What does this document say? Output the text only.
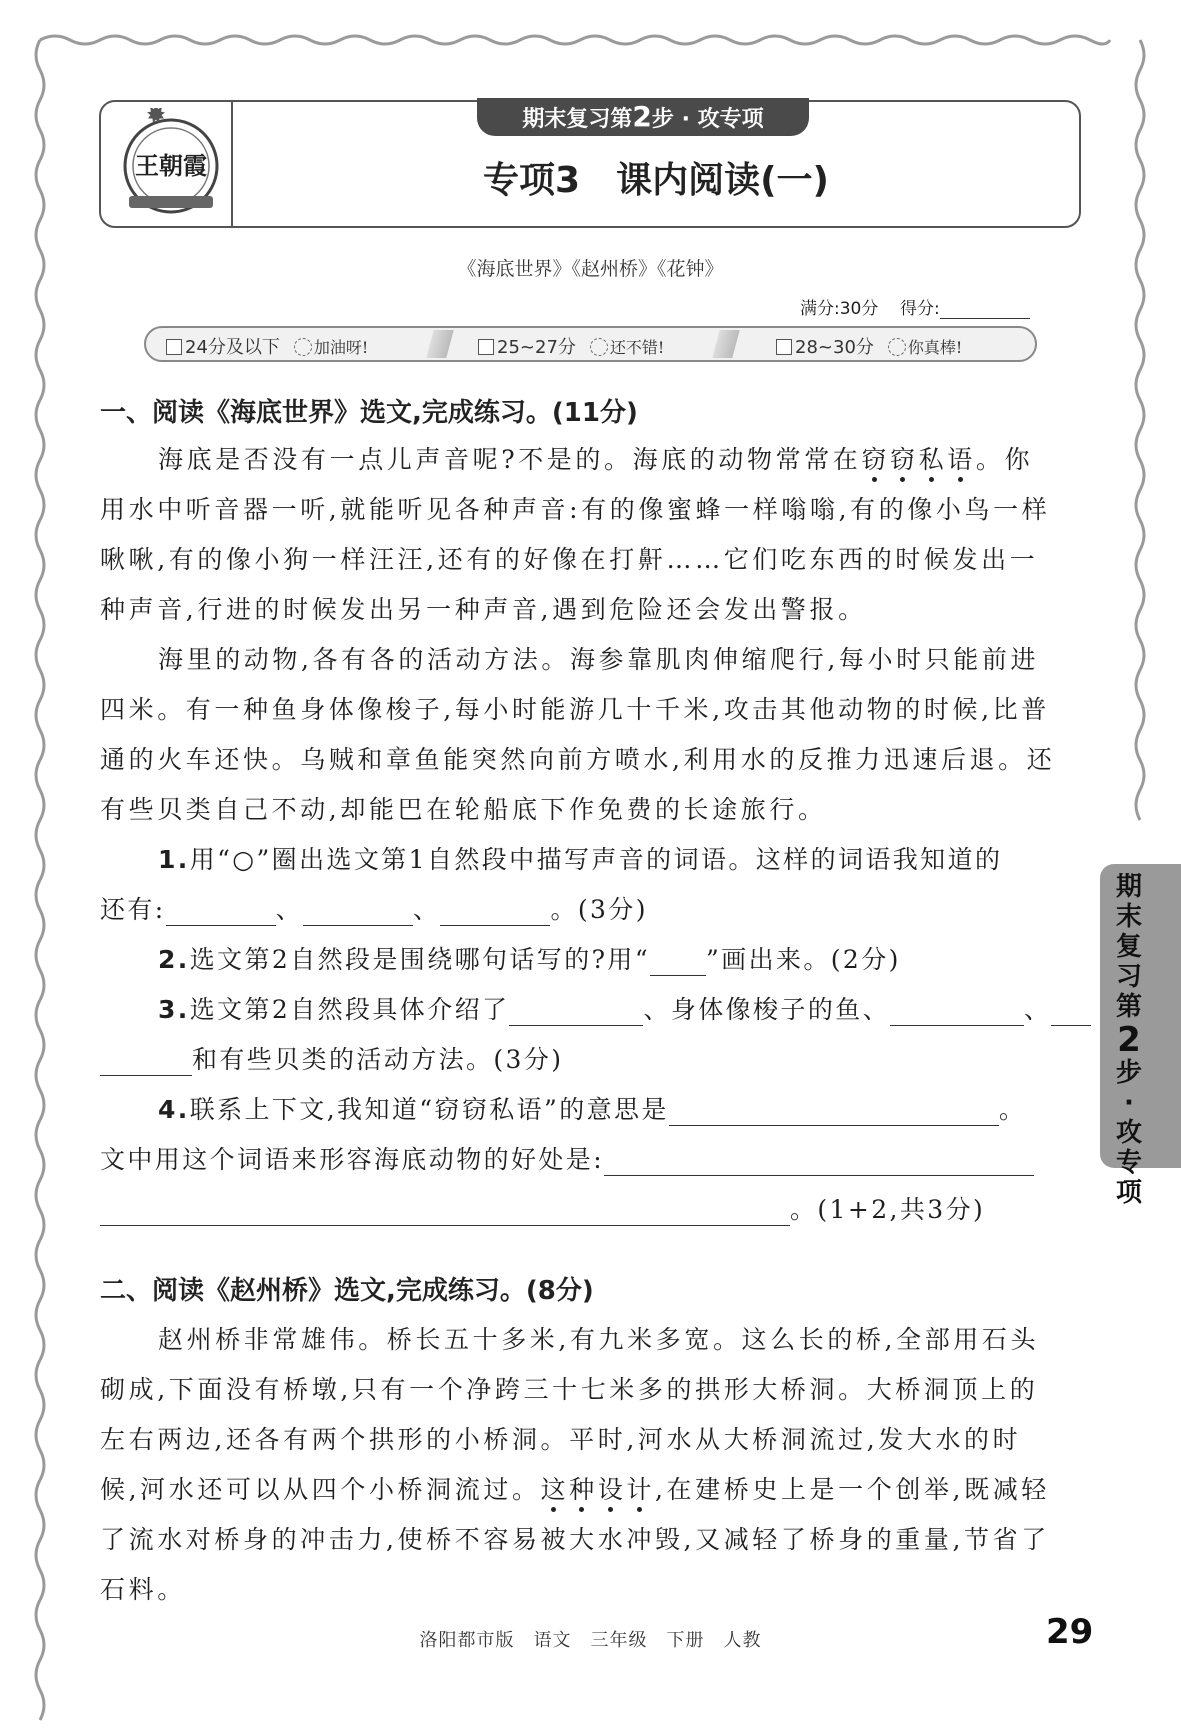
王朝霞
期末复习第2步 · 攻专项
专项3　课内阅读(一)
《海底世界》《赵州桥》《花钟》
满分:30分 得分:
24分及以下 加油呀!	25~27分 还不错!	28~30分 你真棒!
一、阅读《海底世界》选文,完成练习。(11分)
海底是否没有一点儿声音呢?不是的。海底的动物常常在窃窃私语。你
用水中听音器一听,就能听见各种声音:有的像蜜蜂一样嗡嗡,有的像小鸟一样
啾啾,有的像小狗一样汪汪,还有的好像在打鼾……它们吃东西的时候发出一
种声音,行进的时候发出另一种声音,遇到危险还会发出警报。
海里的动物,各有各的活动方法。海参靠肌肉伸缩爬行,每小时只能前进
四米。有一种鱼身体像梭子,每小时能游几十千米,攻击其他动物的时候,比普
通的火车还快。乌贼和章鱼能突然向前方喷水,利用水的反推力迅速后退。还
有些贝类自己不动,却能巴在轮船底下作免费的长途旅行。
1.用“○”圈出选文第1自然段中描写声音的词语。这样的词语我知道的
还有:	、	、	。(3分)
2.选文第2自然段是围绕哪句话写的?用“ ”画出来。(2分)
3.选文第2自然段具体介绍了	、身体像梭子的鱼、	、
和有些贝类的活动方法。(3分)
4.联系上下文,我知道“窃窃私语”的意思是	。
文中用这个词语来形容海底动物的好处是:
。(1+2,共3分)
二、阅读《赵州桥》选文,完成练习。(8分)
赵州桥非常雄伟。桥长五十多米,有九米多宽。这么长的桥,全部用石头
砌成,下面没有桥墩,只有一个净跨三十七米多的拱形大桥洞。大桥洞顶上的
左右两边,还各有两个拱形的小桥洞。平时,河水从大桥洞流过,发大水的时
候,河水还可以从四个小桥洞流过。这种设计,在建桥史上是一个创举,既减轻
了流水对桥身的冲击力,使桥不容易被大水冲毁,又减轻了桥身的重量,节省了
石料。
期
末
复
习
第
2
步
·
攻
专
项
洛阳都市版　语文　三年级　下册　人教	29
